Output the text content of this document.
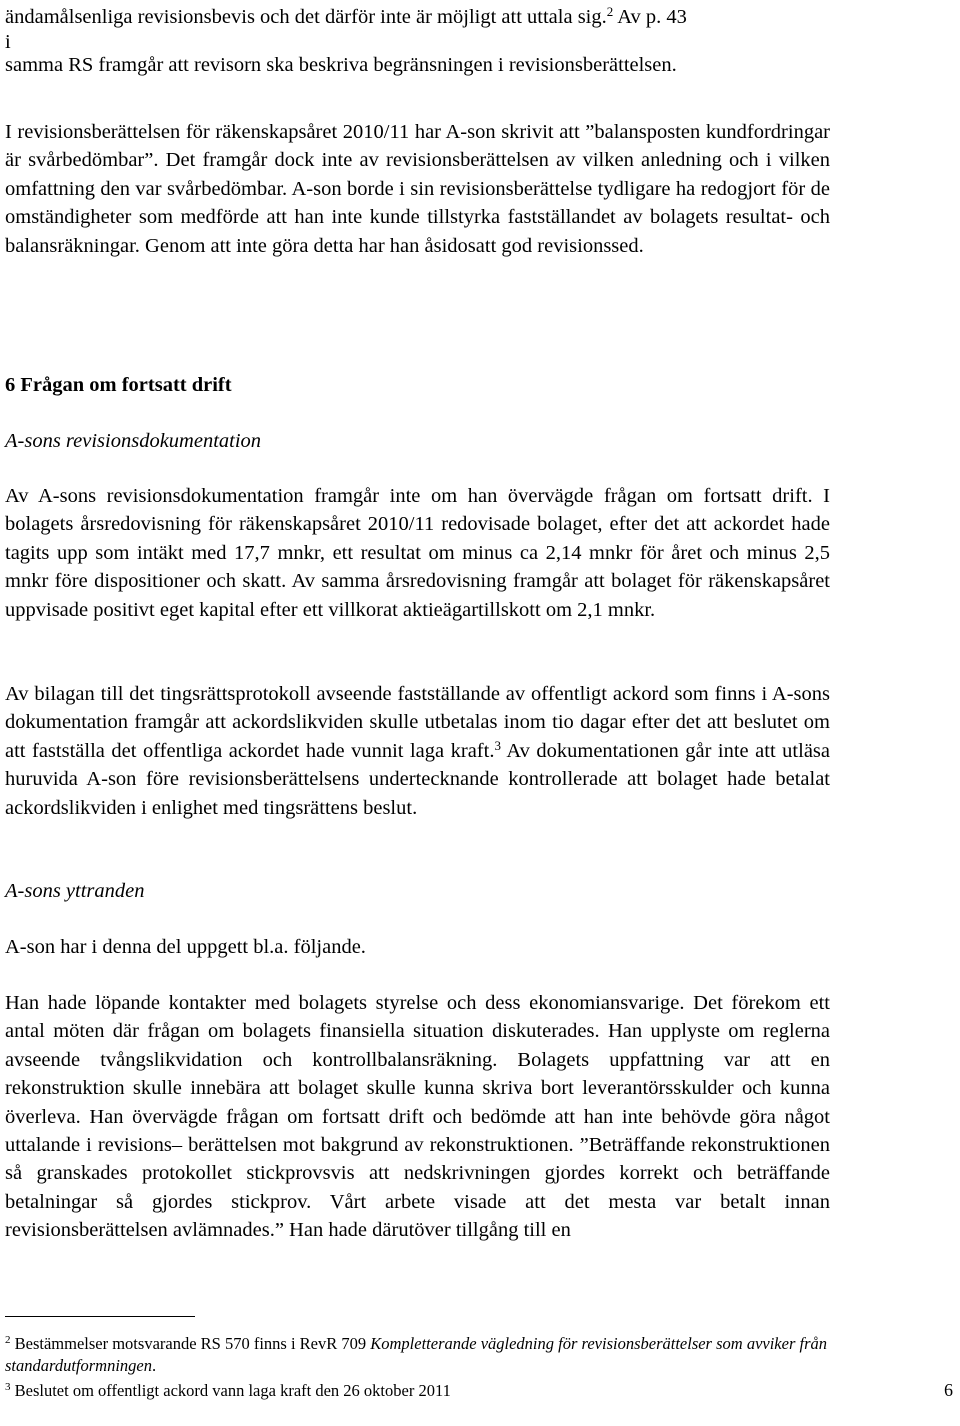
ändamålsenliga revisionsbevis och det därför inte är möjligt att uttala sig.$^2$ Av p. 43

i

samma RS framgår att revisorn ska beskriva begränsningen i revisionsberättelsen.

I revisionsberättelsen för räkenskapsåret 2010/11 har A-son skrivit att ”balansposten kundfordringar är svårbedömbar”. Det framgår dock inte av revisionsberättelsen av vilken anledning och i vilken omfattning den var svårbedömbar. A-son borde i sin revisionsberättelse tydligare ha redogjort för de omständigheter som medförde att han inte kunde tillstyrka fastställandet av bolagets resultat- och balansräkningar. Genom att inte göra detta har han åsidosatt god revisionssed.

6 Frågan om fortsatt drift

A-sons revisionsdokumentation

Av A-sons revisionsdokumentation framgår inte om han övervägde frågan om fortsatt drift. I bolagets årsredovisning för räkenskapsåret 2010/11 redovisade bolaget, efter det att ackordet hade tagits upp som intäkt med 17,7 mnkr, ett resultat om minus ca 2,14 mnkr för året och minus 2,5 mnkr före dispositioner och skatt. Av samma årsredovisning framgår att bolaget för räkenskapsåret uppvisade positivt eget kapital efter ett villkorat aktieägartillskott om 2,1 mnkr.

Av bilagan till det tingsrättsprotokoll avseende fastställande av offentligt ackord som finns i A-sons dokumentation framgår att ackordslikviden skulle utbetalas inom tio dagar efter det att beslutet om att fastställa det offentliga ackordet hade vunnit laga kraft.$^3$ Av dokumentationen går inte att utläsa huruvida A-son före revisionsberättelsens undertecknande kontrollerade att bolaget hade betalat ackordslikviden i enlighet med tingsrättens beslut.

A-sons yttranden

A-son har i denna del uppgett bl.a. följande.

Han hade löpande kontakter med bolagets styrelse och dess ekonomiansvarige. Det förekom ett antal möten där frågan om bolagets finansiella situation diskuterades. Han upplyste om reglerna avseende tvångslikvidation och kontrollbalansräkning. Bolagets uppfattning var att en rekonstruktion skulle innebära att bolaget skulle kunna skriva bort leverantörsskulder och kunna överleva. Han övervägde frågan om fortsatt drift och bedömde att han inte behövde göra något uttalande i revisions– berättelsen mot bakgrund av rekonstruktionen. ”Beträffande rekonstruktionen så granskades protokollet stickprovsvis att nedskrivningen gjordes korrekt och beträffande betalningar så gjordes stickprov. Vårt arbete visade att det mesta var betalt innan revisionsberättelsen avlämnades.” Han hade därutöver tillgång till en

$^2$ Bestämmelser motsvarande RS 570 finns i RevR 709 Kompletterande vägledning för revisionsberättelser som avviker från standardutformningen.

$^3$ Beslutet om offentligt ackord vann laga kraft den 26 oktober 2011	6
